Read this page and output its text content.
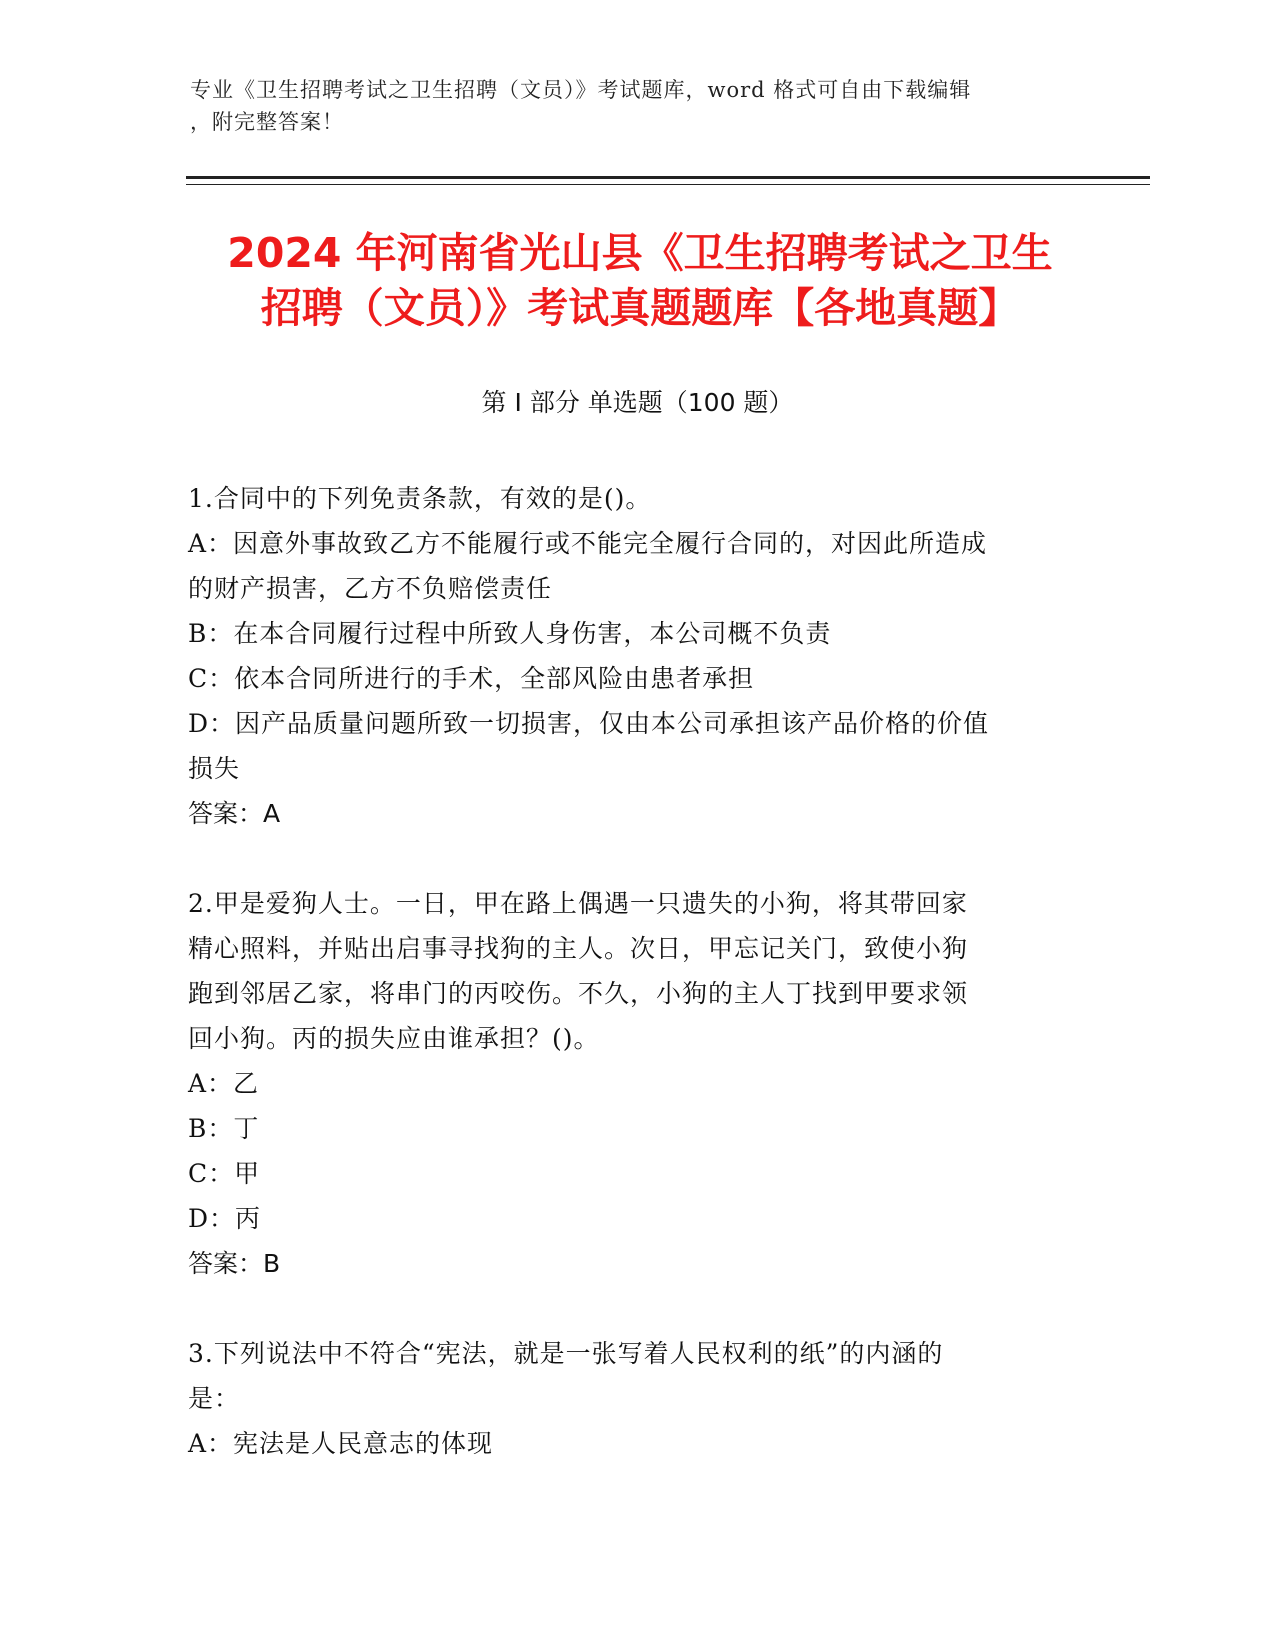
专业《卫生招聘考试之卫生招聘（文员）》考试题库，word 格式可自由下载编辑
，附完整答案！
2024 年河南省光山县《卫生招聘考试之卫生
招聘（文员）》考试真题题库【各地真题】
第 I 部分 单选题（100 题）
1.合同中的下列免责条款，有效的是()。
A：因意外事故致乙方不能履行或不能完全履行合同的，对因此所造成
的财产损害，乙方不负赔偿责任
B：在本合同履行过程中所致人身伤害，本公司概不负责
C：依本合同所进行的手术，全部风险由患者承担
D：因产品质量问题所致一切损害，仅由本公司承担该产品价格的价值
损失
答案：A
2.甲是爱狗人士。一日，甲在路上偶遇一只遗失的小狗，将其带回家
精心照料，并贴出启事寻找狗的主人。次日，甲忘记关门，致使小狗
跑到邻居乙家，将串门的丙咬伤。不久，小狗的主人丁找到甲要求领
回小狗。丙的损失应由谁承担？()。
A：乙
B：丁
C：甲
D：丙
答案：B
3.下列说法中不符合“宪法，就是一张写着人民权利的纸”的内涵的
是：
A：宪法是人民意志的体现
